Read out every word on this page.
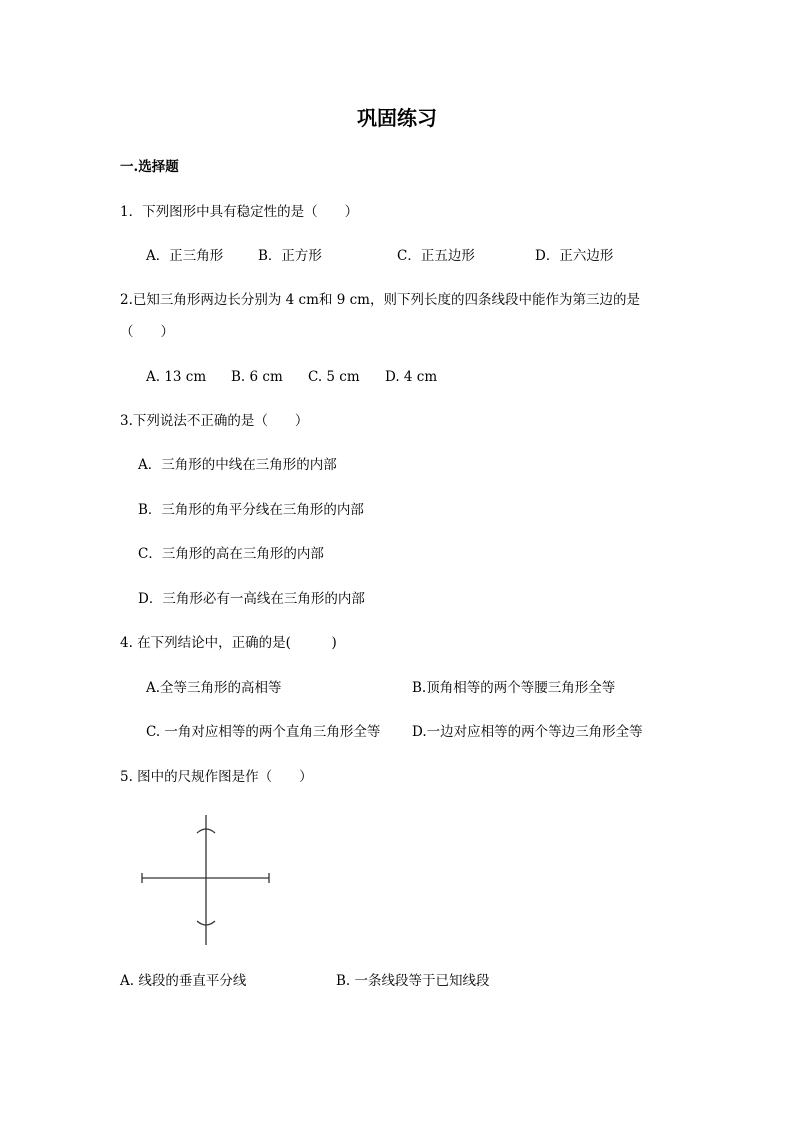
巩固练习
一.选择题
1．下列图形中具有稳定性的是（　　）
A．正三角形	B．正方形	C．正五边形	D．正六边形
2.已知三角形两边长分别为 4 cm和 9 cm，则下列长度的四条线段中能作为第三边的是
（　　）
A. 13 cm B. 6 cm C. 5 cm D. 4 cm
3.下列说法不正确的是（　　）
A．三角形的中线在三角形的内部
B．三角形的角平分线在三角形的内部
C．三角形的高在三角形的内部
D．三角形必有一高线在三角形的内部
4. 在下列结论中，正确的是(　　　)
A.全等三角形的高相等	B.顶角相等的两个等腰三角形全等
C. 一角对应相等的两个直角三角形全等 D.一边对应相等的两个等边三角形全等
5. 图中的尺规作图是作（　　）
A. 线段的垂直平分线	B. 一条线段等于已知线段
